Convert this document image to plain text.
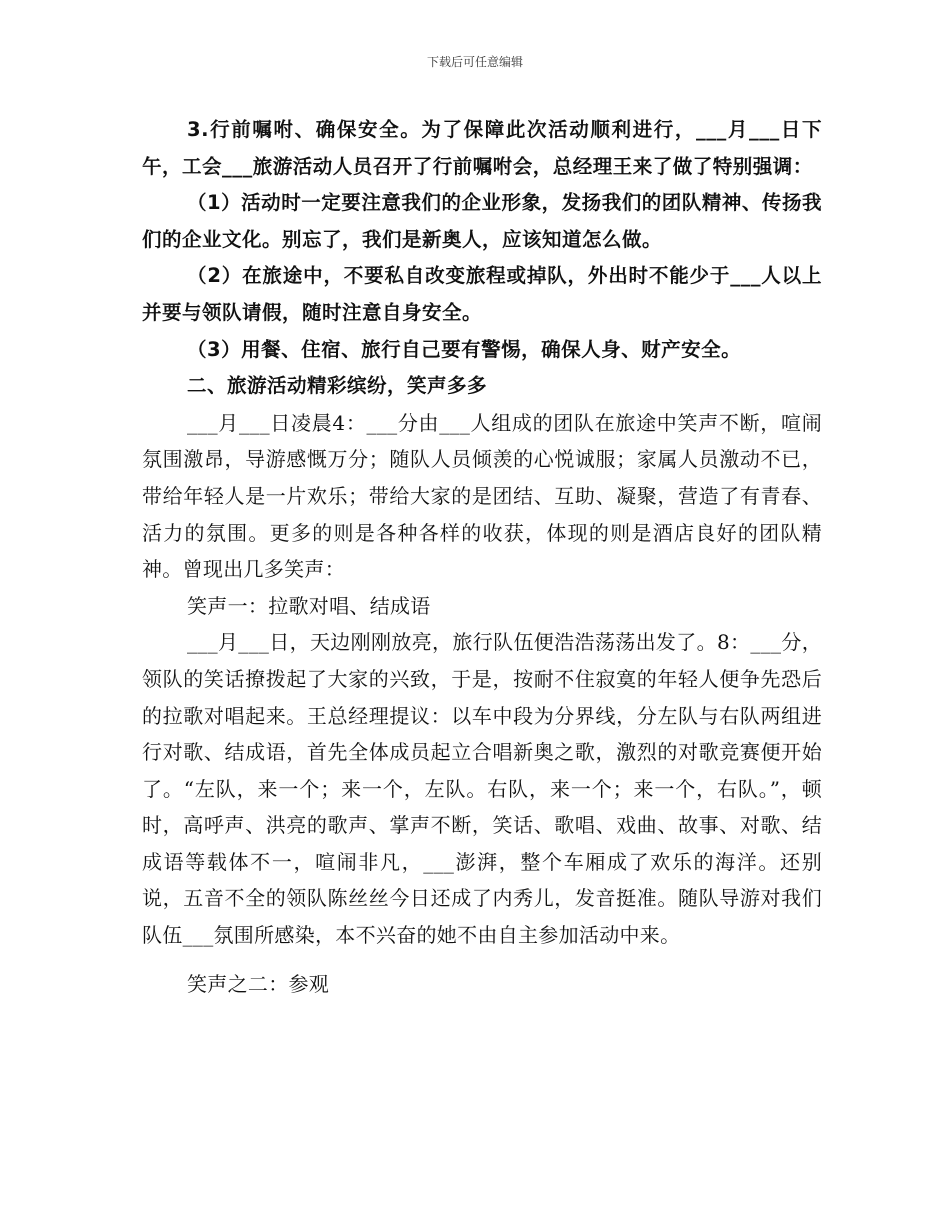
下载后可任意编辑

3.行前嘱咐、确保安全。为了保障此次活动顺利进行，___月___日下午，工会___旅游活动人员召开了行前嘱咐会，总经理王来了做了特别强调：

（1）活动时一定要注意我们的企业形象，发扬我们的团队精神、传扬我们的企业文化。别忘了，我们是新奥人，应该知道怎么做。

（2）在旅途中，不要私自改变旅程或掉队，外出时不能少于___人以上并要与领队请假，随时注意自身安全。

（3）用餐、住宿、旅行自己要有警惕，确保人身、财产安全。

二、旅游活动精彩缤纷，笑声多多

___月___日凌晨4：___分由___人组成的团队在旅途中笑声不断，喧闹氛围激昂，导游感慨万分；随队人员倾羡的心悦诚服；家属人员激动不已，带给年轻人是一片欢乐；带给大家的是团结、互助、凝聚，营造了有青春、活力的氛围。更多的则是各种各样的收获，体现的则是酒店良好的团队精神。曾现出几多笑声：

笑声一：拉歌对唱、结成语

___月___日，天边刚刚放亮，旅行队伍便浩浩荡荡出发了。8：___分，领队的笑话撩拨起了大家的兴致，于是，按耐不住寂寞的年轻人便争先恐后的拉歌对唱起来。王总经理提议：以车中段为分界线，分左队与右队两组进行对歌、结成语，首先全体成员起立合唱新奥之歌，激烈的对歌竞赛便开始了。“左队，来一个；来一个，左队。右队，来一个；来一个，右队。”，顿时，高呼声、洪亮的歌声、掌声不断，笑话、歌唱、戏曲、故事、对歌、结成语等载体不一，喧闹非凡，___澎湃，整个车厢成了欢乐的海洋。还别说，五音不全的领队陈丝丝今日还成了内秀儿，发音挺准。随队导游对我们队伍___氛围所感染，本不兴奋的她不由自主参加活动中来。

笑声之二：参观
